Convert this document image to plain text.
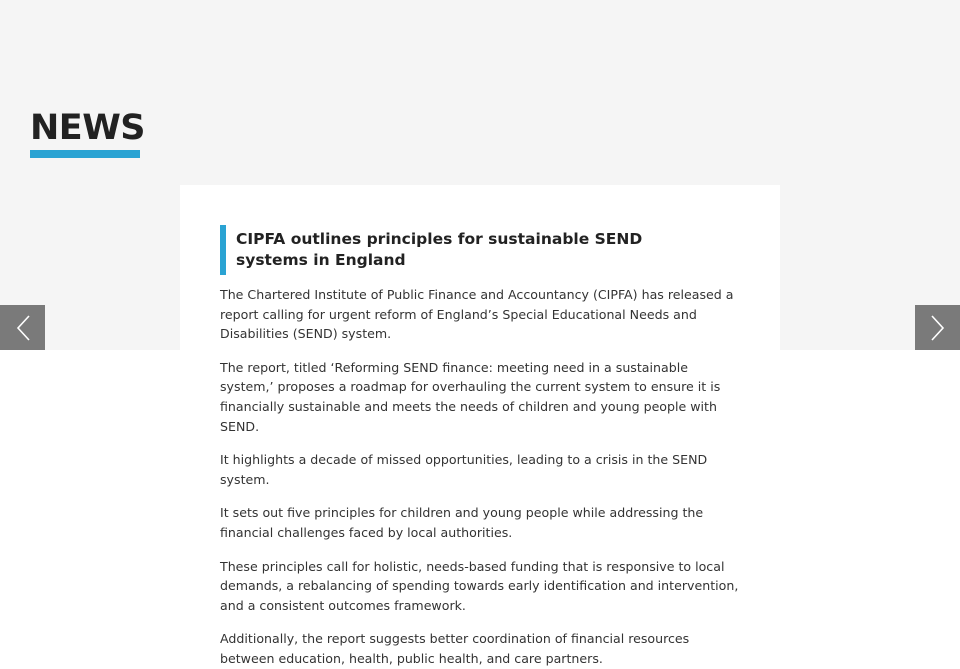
NEWS
CIPFA outlines principles for sustainable SEND systems in England

The Chartered Institute of Public Finance and Accountancy (CIPFA) has released a report calling for urgent reform of England’s Special Educational Needs and Disabilities (SEND) system.

The report, titled ‘Reforming SEND finance: meeting need in a sustainable system,’ proposes a roadmap for overhauling the current system to ensure it is financially sustainable and meets the needs of children and young people with SEND.

It highlights a decade of missed opportunities, leading to a crisis in the SEND system.

It sets out five principles for children and young people while addressing the financial challenges faced by local authorities.

These principles call for holistic, needs-based funding that is responsive to local demands, a rebalancing of spending towards early identification and intervention, and a consistent outcomes framework.

Additionally, the report suggests better coordination of financial resources between education, health, public health, and care partners.
